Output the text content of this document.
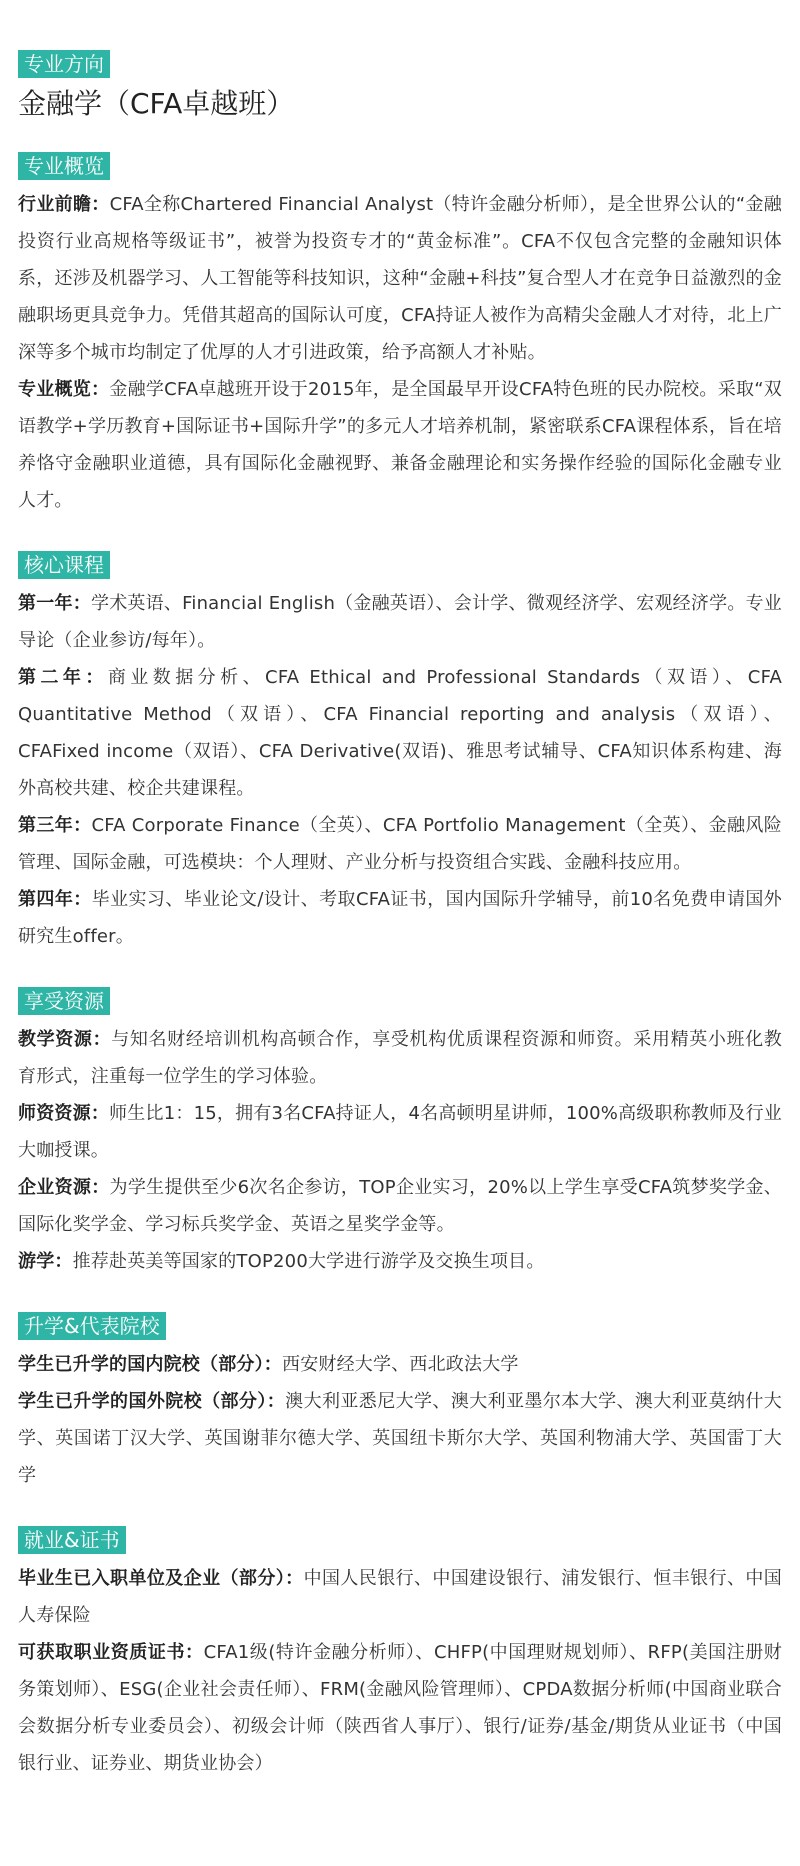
专业方向
金融学（CFA卓越班）
专业概览

行业前瞻：CFA全称Chartered Financial Analyst（特许金融分析师），是全世界公认的“金融投资行业高规格等级证书”，被誉为投资专才的“黄金标准”。CFA不仅包含完整的金融知识体系，还涉及机器学习、人工智能等科技知识，这种“金融+科技”复合型人才在竞争日益激烈的金融职场更具竞争力。凭借其超高的国际认可度，CFA持证人被作为高精尖金融人才对待，北上广深等多个城市均制定了优厚的人才引进政策，给予高额人才补贴。

专业概览：金融学CFA卓越班开设于2015年，是全国最早开设CFA特色班的民办院校。采取“双语教学+学历教育+国际证书+国际升学”的多元人才培养机制，紧密联系CFA课程体系，旨在培养恪守金融职业道德，具有国际化金融视野、兼备金融理论和实务操作经验的国际化金融专业人才。

核心课程

第一年：学术英语、Financial English（金融英语）、会计学、微观经济学、宏观经济学。专业导论（企业参访/每年）。

第二年：商业数据分析、CFA Ethical and Professional Standards（双语）、CFA Quantitative Method（双语）、CFA Financial reporting and analysis（双语）、CFAFixed income（双语）、CFA Derivative(双语)、雅思考试辅导、CFA知识体系构建、海外高校共建、校企共建课程。

第三年：CFA Corporate Finance（全英）、CFA Portfolio Management（全英）、金融风险管理、国际金融，可选模块：个人理财、产业分析与投资组合实践、金融科技应用。

第四年：毕业实习、毕业论文/设计、考取CFA证书，国内国际升学辅导，前10名免费申请国外研究生offer。

享受资源

教学资源：与知名财经培训机构高顿合作，享受机构优质课程资源和师资。采用精英小班化教育形式，注重每一位学生的学习体验。

师资资源：师生比1：15，拥有3名CFA持证人，4名高顿明星讲师，100%高级职称教师及行业大咖授课。

企业资源：为学生提供至少6次名企参访，TOP企业实习，20%以上学生享受CFA筑梦奖学金、国际化奖学金、学习标兵奖学金、英语之星奖学金等。

游学：推荐赴英美等国家的TOP200大学进行游学及交换生项目。

升学&代表院校

学生已升学的国内院校（部分）：西安财经大学、西北政法大学

学生已升学的国外院校（部分）：澳大利亚悉尼大学、澳大利亚墨尔本大学、澳大利亚莫纳什大学、英国诺丁汉大学、英国谢菲尔德大学、英国纽卡斯尔大学、英国利物浦大学、英国雷丁大学

就业&证书

毕业生已入职单位及企业（部分）：中国人民银行、中国建设银行、浦发银行、恒丰银行、中国人寿保险

可获取职业资质证书：CFA1级(特许金融分析师）、CHFP(中国理财规划师）、RFP(美国注册财务策划师）、ESG(企业社会责任师）、FRM(金融风险管理师）、CPDA数据分析师(中国商业联合会数据分析专业委员会）、初级会计师（陕西省人事厅）、银行/证券/基金/期货从业证书（中国银行业、证券业、期货业协会）
